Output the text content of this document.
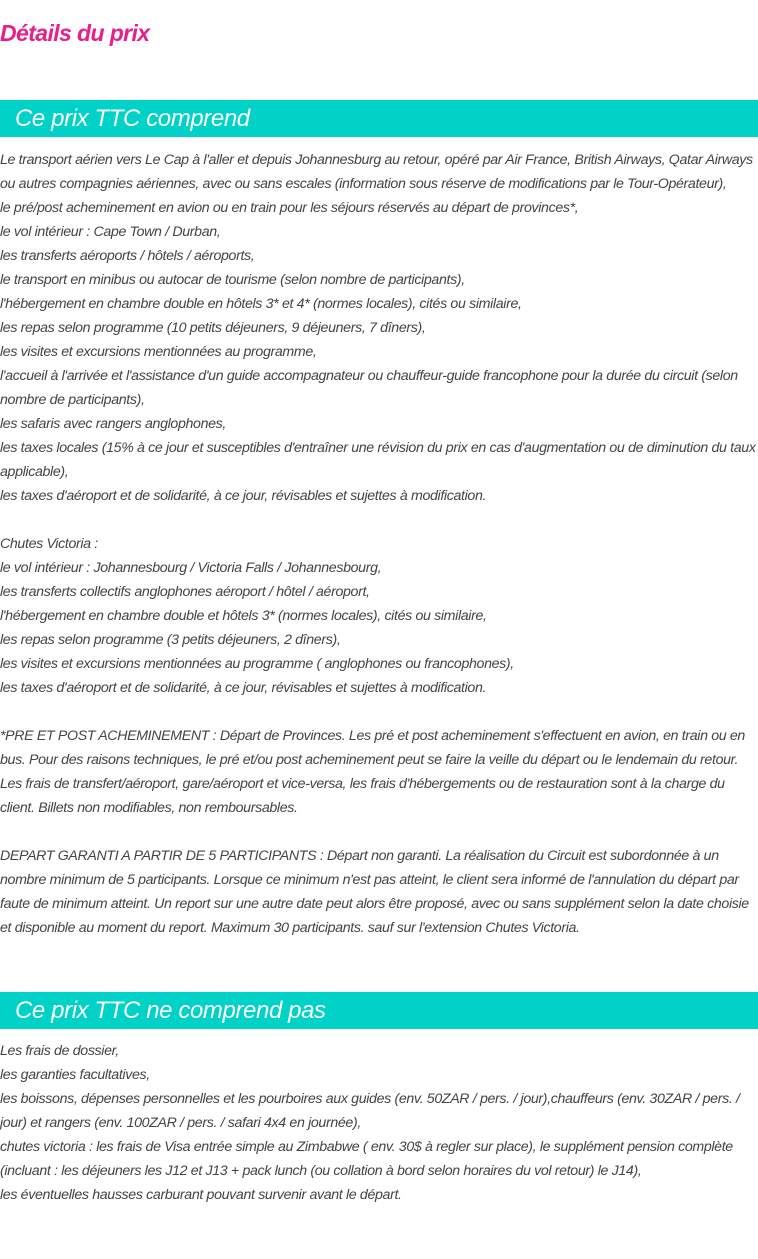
Détails du prix
Ce prix TTC comprend
Le transport aérien vers Le Cap à l'aller et depuis Johannesburg au retour, opéré par Air France, British Airways, Qatar Airways ou autres compagnies aériennes, avec ou sans escales (information sous réserve de modifications par le Tour-Opérateur),
le pré/post acheminement en avion ou en train pour les séjours réservés au départ de provinces*,
le vol intérieur : Cape Town / Durban,
les transferts aéroports / hôtels / aéroports,
le transport en minibus ou autocar de tourisme (selon nombre de participants),
l'hébergement en chambre double en hôtels 3* et 4* (normes locales), cités ou similaire,
les repas selon programme (10 petits déjeuners, 9 déjeuners, 7 dîners),
les visites et excursions mentionnées au programme,
l'accueil à l'arrivée et l'assistance d'un guide accompagnateur ou chauffeur-guide francophone pour la durée du circuit (selon nombre de participants),
les safaris avec rangers anglophones,
les taxes locales (15% à ce jour et susceptibles d'entraîner une révision du prix en cas d'augmentation ou de diminution du taux applicable),
les taxes d'aéroport et de solidarité, à ce jour, révisables et sujettes à modification.
Chutes Victoria :
le vol intérieur : Johannesbourg / Victoria Falls / Johannesbourg,
les transferts collectifs anglophones aéroport / hôtel / aéroport,
l'hébergement en chambre double et hôtels 3* (normes locales), cités ou similaire,
les repas selon programme (3 petits déjeuners, 2 dîners),
les visites et excursions mentionnées au programme ( anglophones ou francophones),
les taxes d'aéroport et de solidarité, à ce jour, révisables et sujettes à modification.
*PRE ET POST ACHEMINEMENT : Départ de Provinces. Les pré et post acheminement s'effectuent en avion, en train ou en bus. Pour des raisons techniques, le pré et/ou post acheminement peut se faire la veille du départ ou le lendemain du retour. Les frais de transfert/aéroport, gare/aéroport et vice-versa, les frais d'hébergements ou de restauration sont à la charge du client. Billets non modifiables, non remboursables.
DEPART GARANTI A PARTIR DE 5 PARTICIPANTS : Départ non garanti. La réalisation du Circuit est subordonnée à un nombre minimum de 5 participants. Lorsque ce minimum n'est pas atteint, le client sera informé de l'annulation du départ par faute de minimum atteint. Un report sur une autre date peut alors être proposé, avec ou sans supplément selon la date choisie et disponible au moment du report. Maximum 30 participants. sauf sur l'extension Chutes Victoria.
Ce prix TTC ne comprend pas
Les frais de dossier,
les garanties facultatives,
les boissons, dépenses personnelles et les pourboires aux guides (env. 50ZAR / pers. / jour),chauffeurs (env. 30ZAR / pers. / jour) et rangers (env. 100ZAR / pers. / safari 4x4 en journée),
chutes victoria : les frais de Visa entrée simple au Zimbabwe ( env. 30$ à regler sur place), le supplément pension complète (incluant : les déjeuners les J12 et J13 + pack lunch (ou collation à bord selon horaires du vol retour) le J14),
les éventuelles hausses carburant pouvant survenir avant le départ.
